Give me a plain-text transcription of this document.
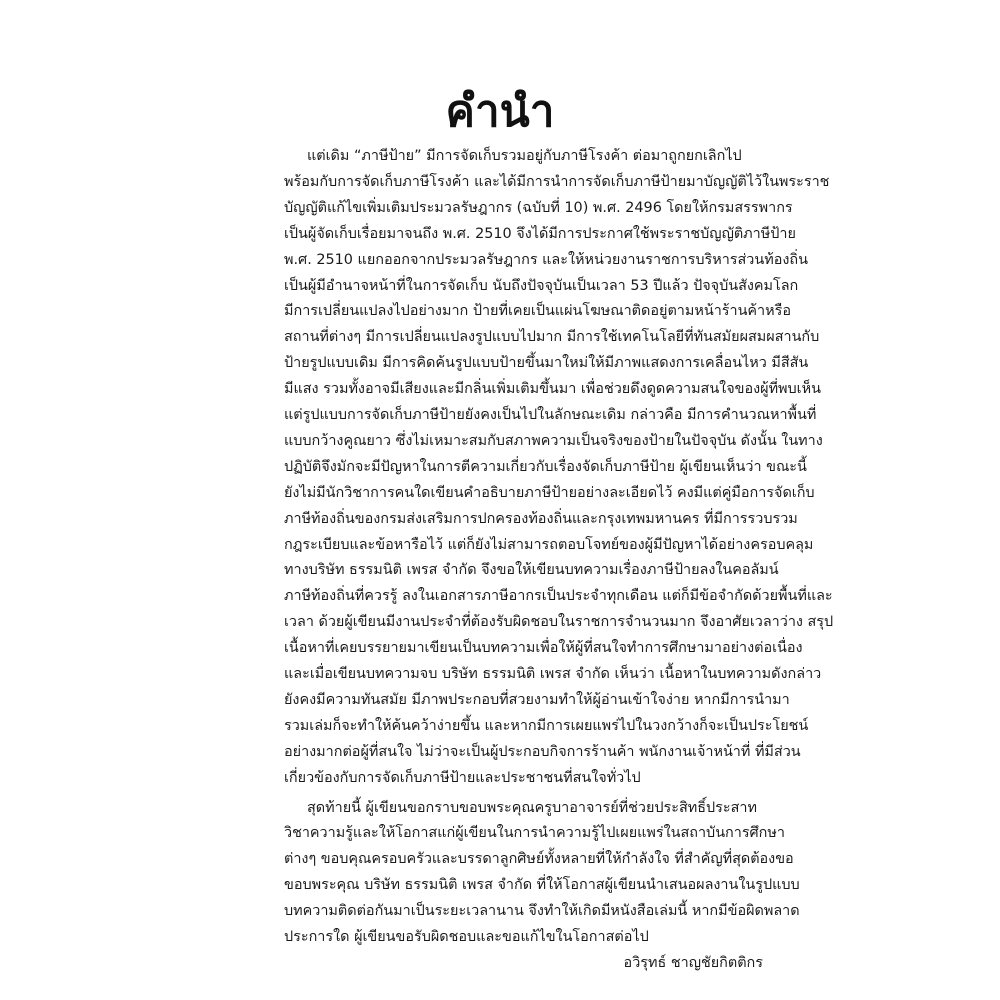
คำนำ
แต่เดิม “ภาษีป้าย” มีการจัดเก็บรวมอยู่กับภาษีโรงค้า ต่อมาถูกยกเลิกไป
พร้อมกับการจัดเก็บภาษีโรงค้า และได้มีการนำการจัดเก็บภาษีป้ายมาบัญญัติไว้ในพระราช
บัญญัติแก้ไขเพิ่มเติมประมวลรัษฎากร (ฉบับที่ 10) พ.ศ. 2496 โดยให้กรมสรรพากร
เป็นผู้จัดเก็บเรื่อยมาจนถึง พ.ศ. 2510 จึงได้มีการประกาศใช้พระราชบัญญัติภาษีป้าย
พ.ศ. 2510 แยกออกจากประมวลรัษฎากร และให้หน่วยงานราชการบริหารส่วนท้องถิ่น
เป็นผู้มีอำนาจหน้าที่ในการจัดเก็บ นับถึงปัจจุบันเป็นเวลา 53 ปีแล้ว ปัจจุบันสังคมโลก
มีการเปลี่ยนแปลงไปอย่างมาก ป้ายที่เคยเป็นแผ่นโฆษณาติดอยู่ตามหน้าร้านค้าหรือ
สถานที่ต่างๆ มีการเปลี่ยนแปลงรูปแบบไปมาก มีการใช้เทคโนโลยีที่ทันสมัยผสมผสานกับ
ป้ายรูปแบบเดิม มีการคิดค้นรูปแบบป้ายขึ้นมาใหม่ให้มีภาพแสดงการเคลื่อนไหว มีสีสัน
มีแสง รวมทั้งอาจมีเสียงและมีกลิ่นเพิ่มเติมขึ้นมา เพื่อช่วยดึงดูดความสนใจของผู้ที่พบเห็น
แต่รูปแบบการจัดเก็บภาษีป้ายยังคงเป็นไปในลักษณะเดิม กล่าวคือ มีการคำนวณหาพื้นที่
แบบกว้างคูณยาว ซึ่งไม่เหมาะสมกับสภาพความเป็นจริงของป้ายในปัจจุบัน ดังนั้น ในทาง
ปฏิบัติจึงมักจะมีปัญหาในการตีความเกี่ยวกับเรื่องจัดเก็บภาษีป้าย ผู้เขียนเห็นว่า ขณะนี้
ยังไม่มีนักวิชาการคนใดเขียนคำอธิบายภาษีป้ายอย่างละเอียดไว้ คงมีแต่คู่มือการจัดเก็บ
ภาษีท้องถิ่นของกรมส่งเสริมการปกครองท้องถิ่นและกรุงเทพมหานคร ที่มีการรวบรวม
กฎระเบียบและข้อหารือไว้ แต่ก็ยังไม่สามารถตอบโจทย์ของผู้มีปัญหาได้อย่างครอบคลุม
ทางบริษัท ธรรมนิติ เพรส จำกัด จึงขอให้เขียนบทความเรื่องภาษีป้ายลงในคอลัมน์
ภาษีท้องถิ่นที่ควรรู้ ลงในเอกสารภาษีอากรเป็นประจำทุกเดือน แต่ก็มีข้อจำกัดด้วยพื้นที่และ
เวลา ด้วยผู้เขียนมีงานประจำที่ต้องรับผิดชอบในราชการจำนวนมาก จึงอาศัยเวลาว่าง สรุป
เนื้อหาที่เคยบรรยายมาเขียนเป็นบทความเพื่อให้ผู้ที่สนใจทำการศึกษามาอย่างต่อเนื่อง
และเมื่อเขียนบทความจบ บริษัท ธรรมนิติ เพรส จำกัด เห็นว่า เนื้อหาในบทความดังกล่าว
ยังคงมีความทันสมัย มีภาพประกอบที่สวยงามทำให้ผู้อ่านเข้าใจง่าย หากมีการนำมา
รวมเล่มก็จะทำให้ค้นคว้าง่ายขึ้น และหากมีการเผยแพร่ไปในวงกว้างก็จะเป็นประโยชน์
อย่างมากต่อผู้ที่สนใจ ไม่ว่าจะเป็นผู้ประกอบกิจการร้านค้า พนักงานเจ้าหน้าที่ ที่มีส่วน
เกี่ยวข้องกับการจัดเก็บภาษีป้ายและประชาชนที่สนใจทั่วไป
สุดท้ายนี้ ผู้เขียนขอกราบขอบพระคุณครูบาอาจารย์ที่ช่วยประสิทธิ์ประสาท
วิชาความรู้และให้โอกาสแก่ผู้เขียนในการนำความรู้ไปเผยแพร่ในสถาบันการศึกษา
ต่างๆ ขอบคุณครอบครัวและบรรดาลูกศิษย์ทั้งหลายที่ให้กำลังใจ ที่สำคัญที่สุดต้องขอ
ขอบพระคุณ บริษัท ธรรมนิติ เพรส จำกัด ที่ให้โอกาสผู้เขียนนำเสนอผลงานในรูปแบบ
บทความติดต่อกันมาเป็นระยะเวลานาน จึงทำให้เกิดมีหนังสือเล่มนี้ หากมีข้อผิดพลาด
ประการใด ผู้เขียนขอรับผิดชอบและขอแก้ไขในโอกาสต่อไป
อวิรุทธ์ ชาญชัยกิตติกร
